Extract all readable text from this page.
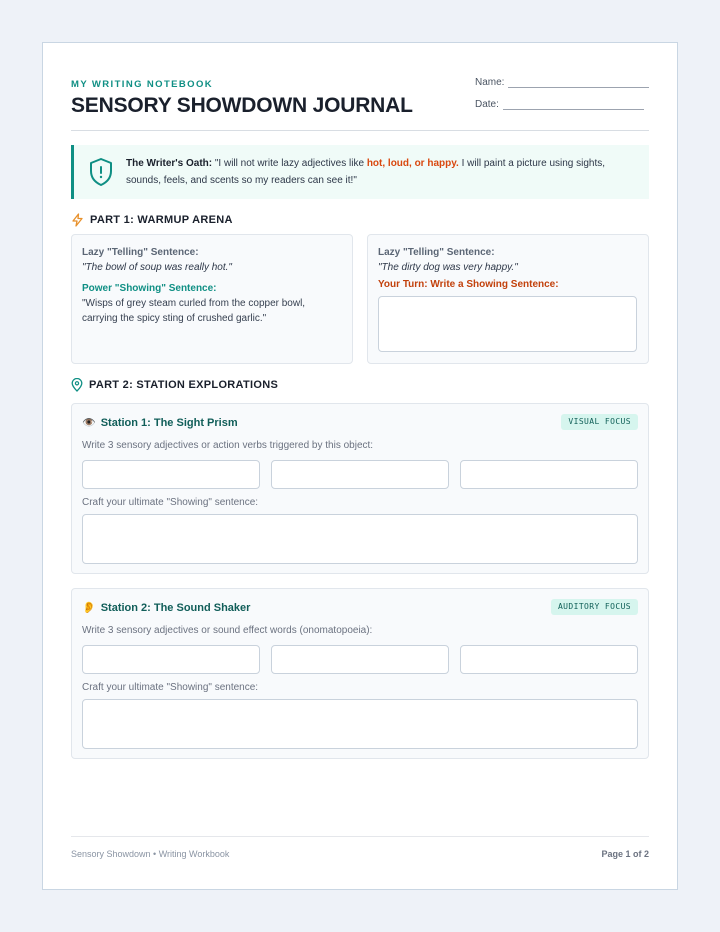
MY WRITING NOTEBOOK
SENSORY SHOWDOWN JOURNAL
Name:
Date:
The Writer's Oath: "I will not write lazy adjectives like hot, loud, or happy. I will paint a picture using sights, sounds, feels, and scents so my readers can see it!"
PART 1: WARMUP ARENA
Lazy "Telling" Sentence:
"The bowl of soup was really hot."
Power "Showing" Sentence:
"Wisps of grey steam curled from the copper bowl,
carrying the spicy sting of crushed garlic."
Lazy "Telling" Sentence:
"The dirty dog was very happy."
Your Turn: Write a Showing Sentence:
PART 2: STATION EXPLORATIONS
👁️ Station 1: The Sight Prism	VISUAL FOCUS
Write 3 sensory adjectives or action verbs triggered by this object:
Craft your ultimate "Showing" sentence:
👂 Station 2: The Sound Shaker	AUDITORY FOCUS
Write 3 sensory adjectives or sound effect words (onomatopoeia):
Craft your ultimate "Showing" sentence:
Sensory Showdown • Writing Workbook	Page 1 of 2
